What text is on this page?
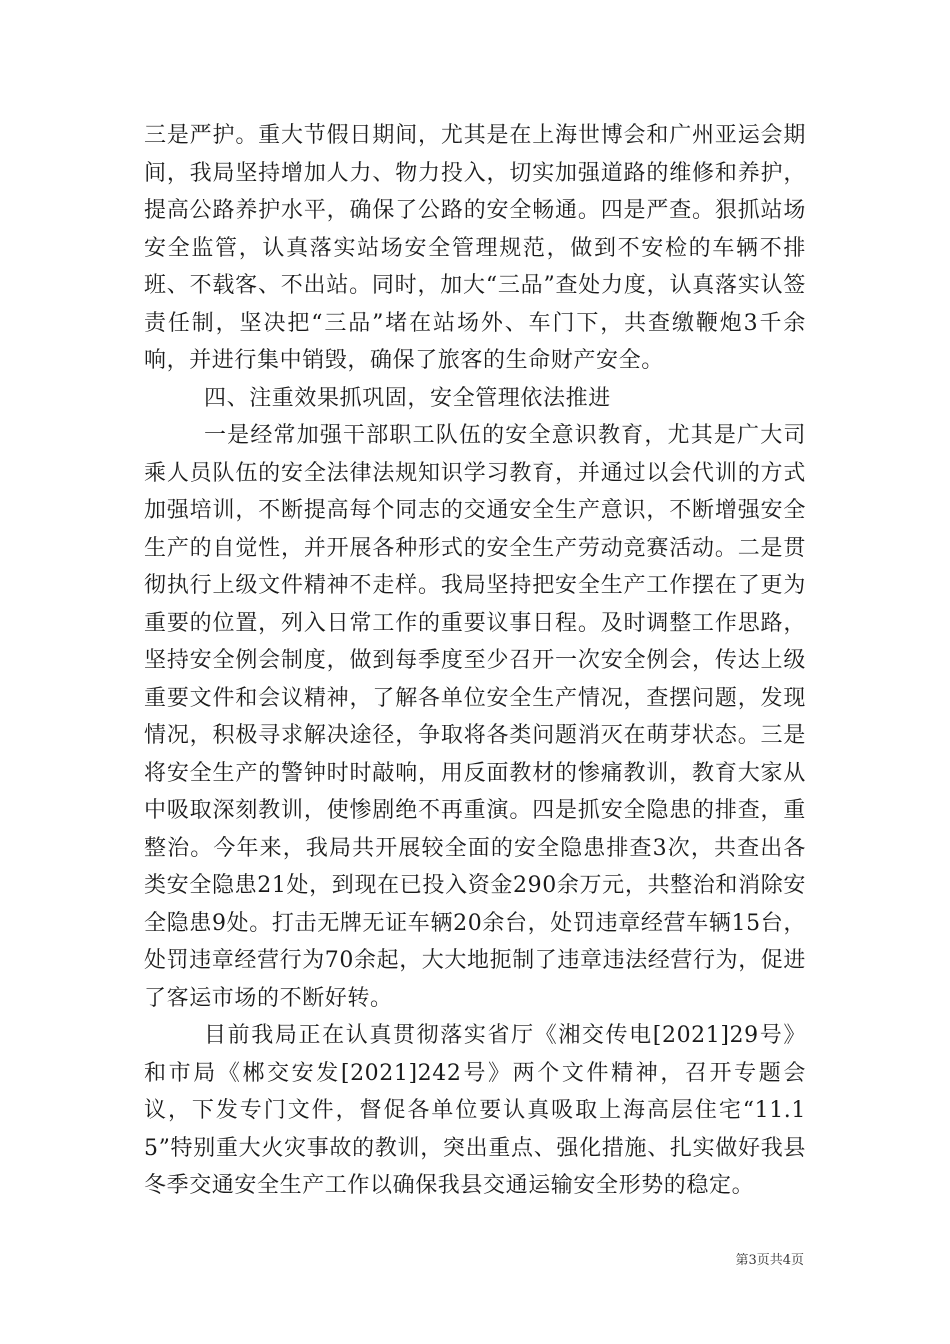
三是严护。重大节假日期间，尤其是在上海世博会和广州亚运会期间，我局坚持增加人力、物力投入，切实加强道路的维修和养护，提高公路养护水平，确保了公路的安全畅通。四是严查。狠抓站场安全监管，认真落实站场安全管理规范，做到不安检的车辆不排班、不载客、不出站。同时，加大“三品”查处力度，认真落实认签责任制，坚决把“三品”堵在站场外、车门下，共查缴鞭炮3千余响，并进行集中销毁，确保了旅客的生命财产安全。

四、注重效果抓巩固，安全管理依法推进

一是经常加强干部职工队伍的安全意识教育，尤其是广大司乘人员队伍的安全法律法规知识学习教育，并通过以会代训的方式加强培训，不断提高每个同志的交通安全生产意识，不断增强安全生产的自觉性，并开展各种形式的安全生产劳动竞赛活动。二是贯彻执行上级文件精神不走样。我局坚持把安全生产工作摆在了更为重要的位置，列入日常工作的重要议事日程。及时调整工作思路，坚持安全例会制度，做到每季度至少召开一次安全例会，传达上级重要文件和会议精神，了解各单位安全生产情况，查摆问题，发现情况，积极寻求解决途径，争取将各类问题消灭在萌芽状态。三是将安全生产的警钟时时敲响，用反面教材的惨痛教训，教育大家从中吸取深刻教训，使惨剧绝不再重演。四是抓安全隐患的排查，重整治。今年来，我局共开展较全面的安全隐患排查3次，共查出各类安全隐患21处，到现在已投入资金290余万元，共整治和消除安全隐患9处。打击无牌无证车辆20余台，处罚违章经营车辆15台，处罚违章经营行为70余起，大大地扼制了违章违法经营行为，促进了客运市场的不断好转。

目前我局正在认真贯彻落实省厅《湘交传电[2021]29号》和市局《郴交安发[2021]242号》两个文件精神，召开专题会议，下发专门文件，督促各单位要认真吸取上海高层住宅“11.15”特别重大火灾事故的教训，突出重点、强化措施、扎实做好我县冬季交通安全生产工作以确保我县交通运输安全形势的稳定。

第3页共4页
